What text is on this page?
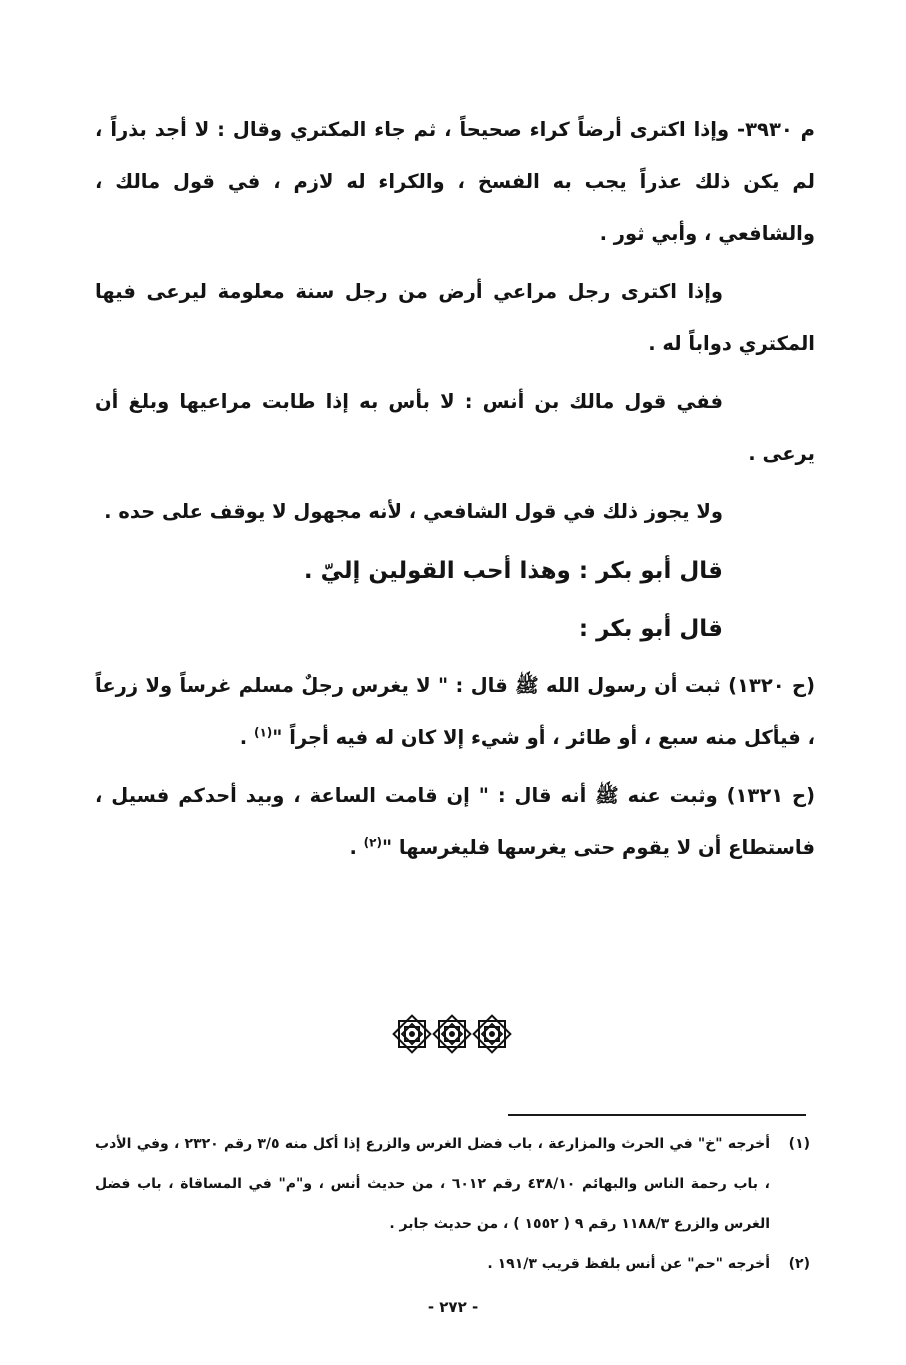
م ٣٩٣٠- وإذا اكترى أرضاً كراء صحيحاً ، ثم جاء المكتري وقال : لا أجد بذراً ، لم يكن ذلك عذراً يجب به الفسخ ، والكراء له لازم ، في قول مالك ، والشافعي ، وأبي ثور .

وإذا اكترى رجل مراعي أرض من رجل سنة معلومة ليرعى فيها المكتري دواباً له .

ففي قول مالك بن أنس : لا بأس به إذا طابت مراعيها وبلغ أن يرعى .

ولا يجوز ذلك في قول الشافعي ، لأنه مجهول لا يوقف على حده .

قال أبو بكر : وهذا أحب القولين إليّ .

قال أبو بكر :

(ح ١٣٢٠) ثبت أن رسول الله ﷺ قال : " لا يغرس رجلٌ مسلم غرساً ولا زرعاً ، فيأكل منه سبع ، أو طائر ، أو شيء إلا كان له فيه أجراً "$^{(١)}$ .

(ح ١٣٢١) وثبت عنه ﷺ أنه قال : " إن قامت الساعة ، وبيد أحدكم فسيل ، فاستطاع أن لا يقوم حتى يغرسها فليغرسها "$^{(٢)}$ .

(١)أخرجه "خ" في الحرث والمزارعة ، باب فضل الغرس والزرع إذا أكل منه ٣/٥ رقم ٢٣٢٠ ، وفي الأدب ، باب رحمة الناس والبهائم ٤٣٨/١٠ رقم ٦٠١٢ ، من حديث أنس ، و"م" في المساقاة ، باب فضل الغرس والزرع ١١٨٨/٣ رقم ٩ ( ١٥٥٢ ) ، من حديث جابر .

(٢)أخرجه "حم" عن أنس بلفظ قريب ١٩١/٣ .

- ٢٧٢ -
